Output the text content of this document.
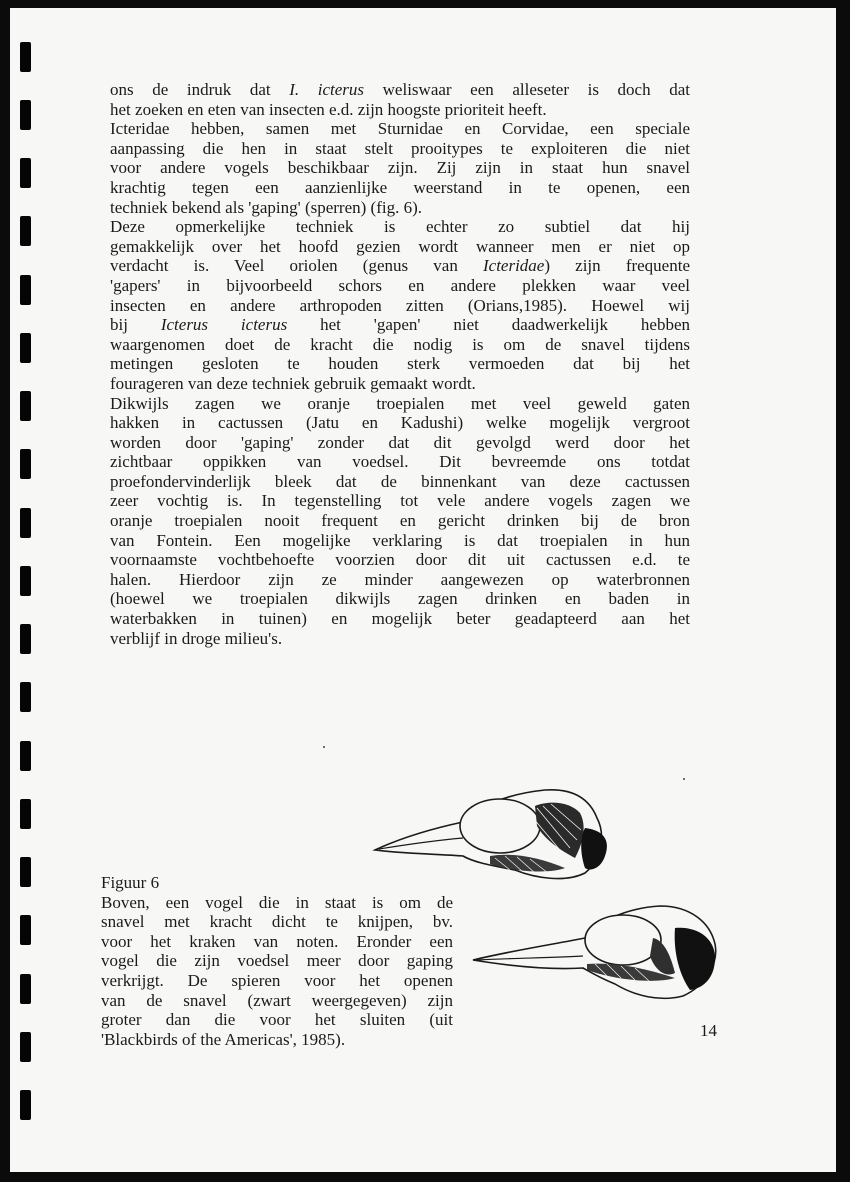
ons de indruk dat I. icterus weliswaar een alleseter is doch dat
het zoeken en eten van insecten e.d. zijn hoogste prioriteit heeft.
Icteridae hebben, samen met Sturnidae en Corvidae, een speciale
aanpassing die hen in staat stelt prooitypes te exploiteren die niet
voor andere vogels beschikbaar zijn. Zij zijn in staat hun snavel
krachtig tegen een aanzienlijke weerstand in te openen, een
techniek bekend als 'gaping' (sperren) (fig. 6).
Deze opmerkelijke techniek is echter zo subtiel dat hij
gemakkelijk over het hoofd gezien wordt wanneer men er niet op
verdacht is. Veel oriolen (genus van Icteridae) zijn frequente
'gapers' in bijvoorbeeld schors en andere plekken waar veel
insecten en andere arthropoden zitten (Orians,1985). Hoewel wij
bij Icterus icterus het 'gapen' niet daadwerkelijk hebben
waargenomen doet de kracht die nodig is om de snavel tijdens
metingen gesloten te houden sterk vermoeden dat bij het
fourageren van deze techniek gebruik gemaakt wordt.
Dikwijls zagen we oranje troepialen met veel geweld gaten
hakken in cactussen (Jatu en Kadushi) welke mogelijk vergroot
worden door 'gaping' zonder dat dit gevolgd werd door het
zichtbaar oppikken van voedsel. Dit bevreemde ons totdat
proefondervinderlijk bleek dat de binnenkant van deze cactussen
zeer vochtig is. In tegenstelling tot vele andere vogels zagen we
oranje troepialen nooit frequent en gericht drinken bij de bron
van Fontein. Een mogelijke verklaring is dat troepialen in hun
voornaamste vochtbehoefte voorzien door dit uit cactussen e.d. te
halen. Hierdoor zijn ze minder aangewezen op waterbronnen
(hoewel we troepialen dikwijls zagen drinken en baden in
waterbakken in tuinen) en mogelijk beter geadapteerd aan het
verblijf in droge milieu's.
Figuur 6
Boven, een vogel die in staat is om de
snavel met kracht dicht te knijpen, bv.
voor het kraken van noten. Eronder een
vogel die zijn voedsel meer door gaping
verkrijgt. De spieren voor het openen
van de snavel (zwart weergegeven) zijn
groter dan die voor het sluiten (uit
'Blackbirds of the Americas', 1985).	14
